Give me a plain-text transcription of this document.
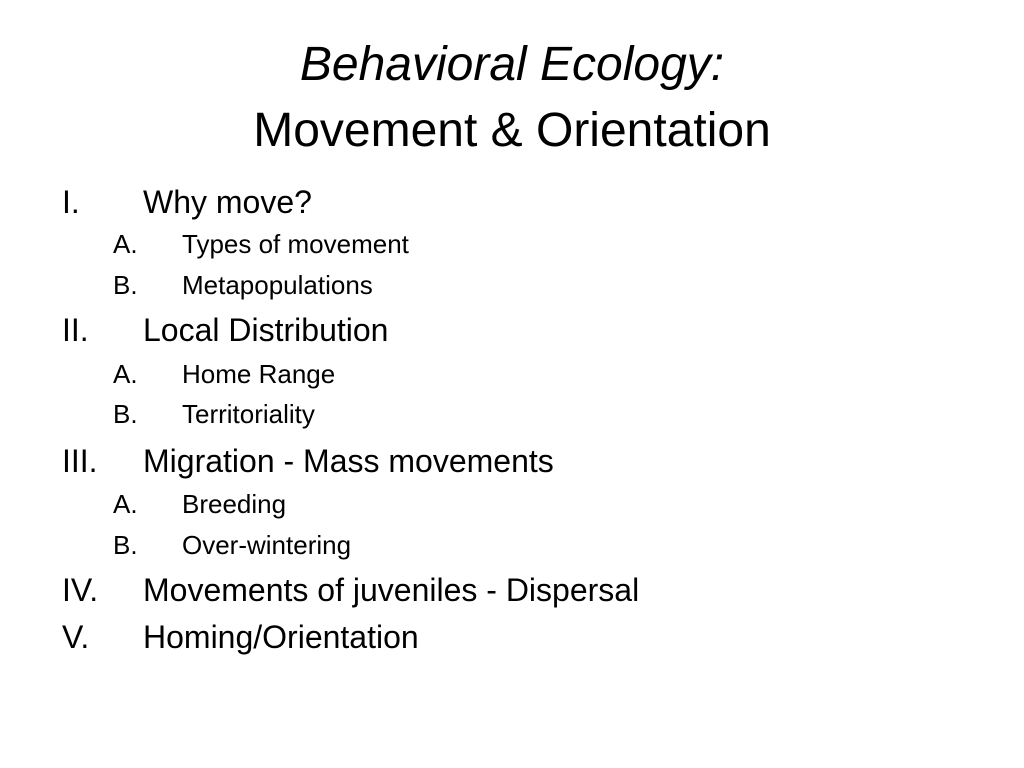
Behavioral Ecology:
Movement & Orientation
I. Why move?
A. Types of movement
B. Metapopulations
II. Local Distribution
A. Home Range
B. Territoriality
III. Migration - Mass movements
A. Breeding
B. Over-wintering
IV. Movements of juveniles - Dispersal
V. Homing/Orientation
